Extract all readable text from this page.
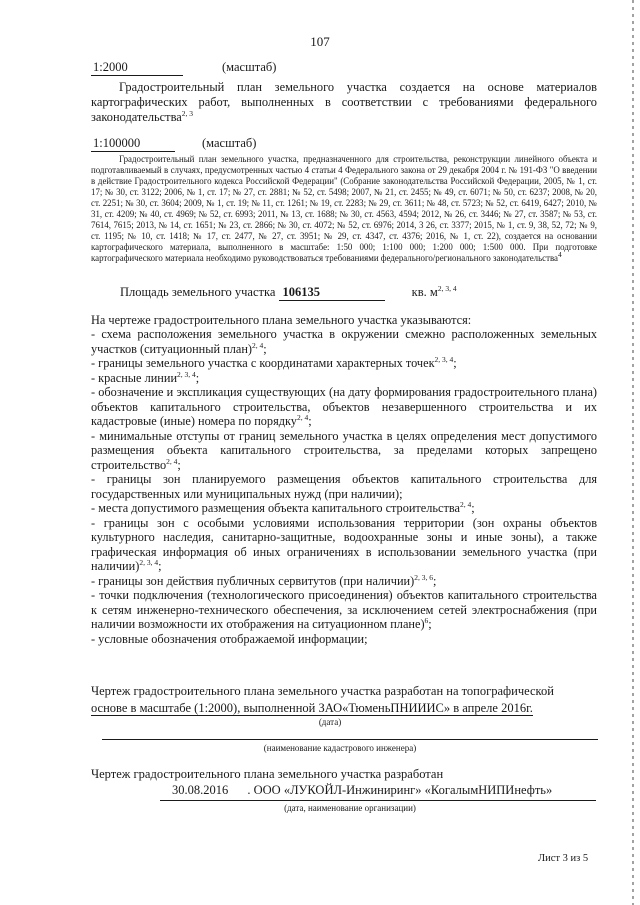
107
1:2000	(масштаб)
Градостроительный план земельного участка создается на основе материалов картографических работ, выполненных в соответствии с требованиями федерального законодательства$^{2, 3}$
1:100000	(масштаб)
Градостроительный план земельного участка, предназначенного для строительства, реконструкции линейного объекта и подготавливаемый в случаях, предусмотренных частью 4 статьи 4 Федерального закона от 29 декабря 2004 г. № 191-ФЗ "О введении в действие Градостроительного кодекса Российской Федерации" (Собрание законодательства Российской Федерации, 2005, № 1, ст. 17; № 30, ст. 3122; 2006, № 1, ст. 17; № 27, ст. 2881; № 52, ст. 5498; 2007, № 21, ст. 2455; № 49, ст. 6071; № 50, ст. 6237; 2008, № 20, ст. 2251; № 30, ст. 3604; 2009, № 1, ст. 19; № 11, ст. 1261; № 19, ст. 2283; № 29, ст. 3611; № 48, ст. 5723; № 52, ст. 6419, 6427; 2010, № 31, ст. 4209; № 40, ст. 4969; № 52, ст. 6993; 2011, № 13, ст. 1688; № 30, ст. 4563, 4594; 2012, № 26, ст. 3446; № 27, ст. 3587; № 53, ст. 7614, 7615; 2013, № 14, ст. 1651; № 23, ст. 2866; № 30, ст. 4072; № 52, ст. 6976; 2014, 3 26, ст. 3377; 2015, № 1, ст. 9, 38, 52, 72; № 9, ст. 1195; № 10, ст. 1418; № 17, ст. 2477, № 27, ст. 3951; № 29, ст. 4347, ст. 4376; 2016, № 1, ст. 22), создается на основании картографического материала, выполненного в масштабе: 1:50 000; 1:100 000; 1:200 000; 1:500 000. При подготовке картографического материала необходимо руководствоваться требованиями федерального/регионального законодательства$^4$
Площадь земельного участка 106135	кв. $м^{2, 3, 4}$
На чертеже градостроительного плана земельного участка указываются:

- схема расположения земельного участка в окружении смежно расположенных земельных участков (ситуационный план)$^{2, 4}$;

- границы земельного участка с координатами характерных точек$^{2, 3, 4}$;

- красные линии$^{2, 3, 4}$;

- обозначение и экспликация существующих (на дату формирования градостроительного плана) объектов капитального строительства, объектов незавершенного строительства и их кадастровые (иные) номера по порядку$^{2, 4}$;

- минимальные отступы от границ земельного участка в целях определения мест допустимого размещения объекта капитального строительства, за пределами которых запрещено строительство$^{2, 4}$;

- границы зон планируемого размещения объектов капитального строительства для государственных или муниципальных нужд (при наличии);

- места допустимого размещения объекта капитального строительства$^{2, 4}$;

- границы зон с особыми условиями использования территории (зон охраны объектов культурного наследия, санитарно-защитные, водоохранные зоны и иные зоны), а также графическая информация об иных ограничениях в использовании земельного участка (при наличии)$^{2, 3, 4}$;

- границы зон действия публичных сервитутов (при наличии)$^{2, 3, 6}$;

- точки подключения (технологического присоединения) объектов капитального строительства к сетям инженерно-технического обеспечения, за исключением сетей электроснабжения (при наличии возможности их отображения на ситуационном плане)$^6$;

- условные обозначения отображаемой информации;

Чертеж градостроительного плана земельного участка разработан на топографической
основе в масштабе (1:2000), выполненной ЗАО«ТюменьПНИИИС» в апреле 2016г.
(дата)
(наименование кадастрового инженера)
Чертеж градостроительного плана земельного участка разработан
30.08.2016 . ООО «ЛУКОЙЛ-Инжиниринг» «КогалымНИПИнефть»
(дата, наименование организации)
Лист 3 из 5
